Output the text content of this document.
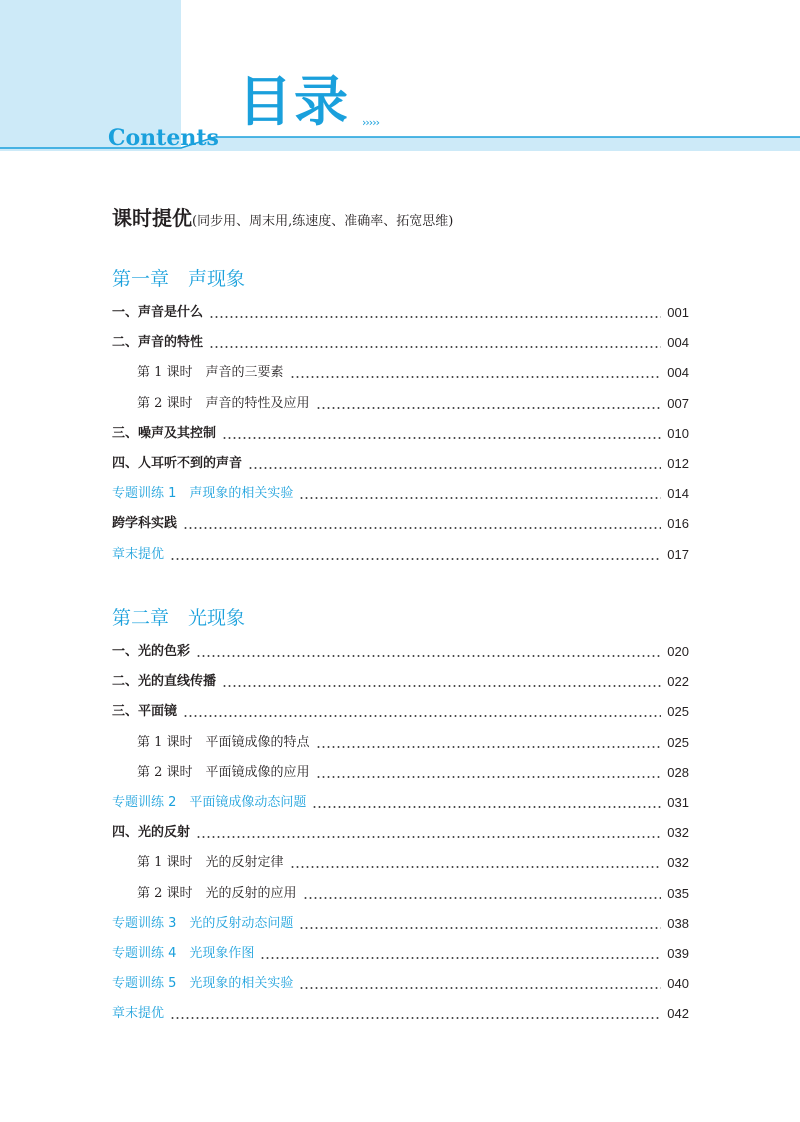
目录 ›››››
Contents
课时提优(同步用、周末用,练速度、准确率、拓宽思维)
第一章　声现象
一、声音是什么	001
二、声音的特性	004
第 1 课时　声音的三要素	004
第 2 课时　声音的特性及应用	007
三、噪声及其控制	010
四、人耳听不到的声音	012
专题训练 1　声现象的相关实验	014
跨学科实践	016
章末提优	017
第二章　光现象
一、光的色彩	020
二、光的直线传播	022
三、平面镜	025
第 1 课时　平面镜成像的特点	025
第 2 课时　平面镜成像的应用	028
专题训练 2　平面镜成像动态问题	031
四、光的反射	032
第 1 课时　光的反射定律	032
第 2 课时　光的反射的应用	035
专题训练 3　光的反射动态问题	038
专题训练 4　光现象作图	039
专题训练 5　光现象的相关实验	040
章末提优	042
